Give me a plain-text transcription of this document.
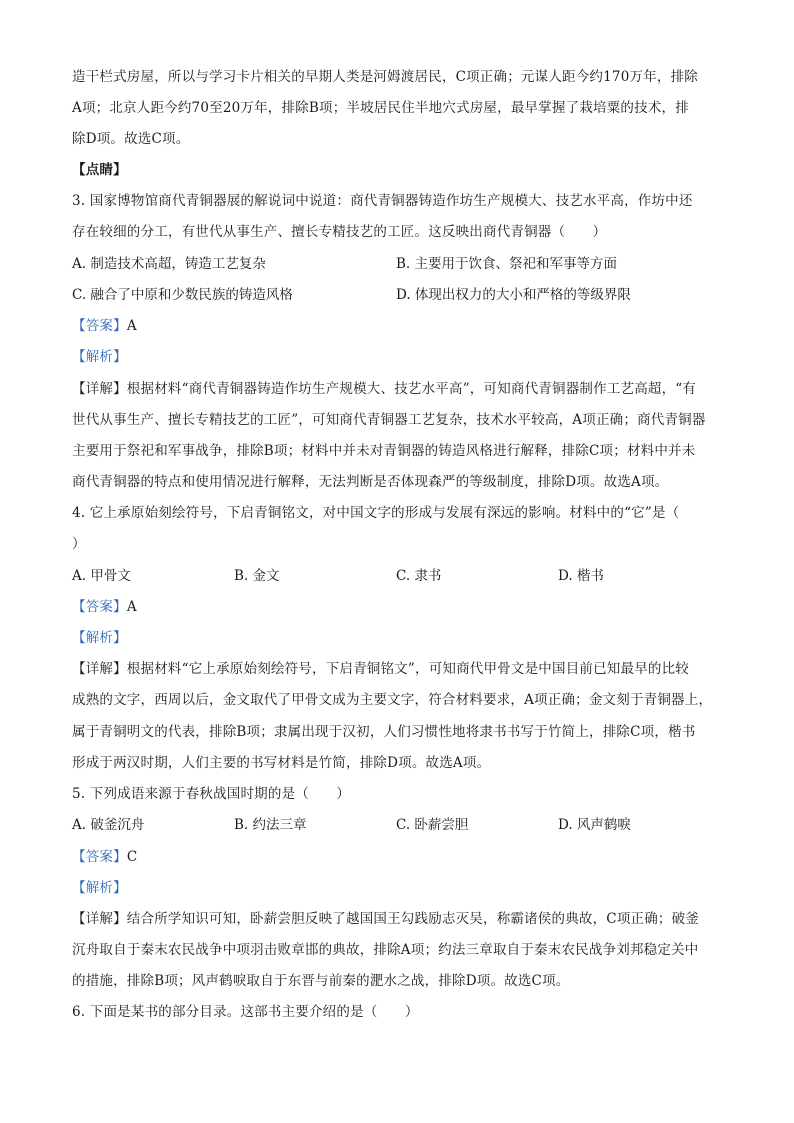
造干栏式房屋，所以与学习卡片相关的早期人类是河姆渡居民，C项正确；元谋人距今约170万年，排除
A项；北京人距今约70至20万年，排除B项；半坡居民住半地穴式房屋，最早掌握了栽培粟的技术，排
除D项。故选C项。
【点睛】
3. 国家博物馆商代青铜器展的解说词中说道：商代青铜器铸造作坊生产规模大、技艺水平高，作坊中还
存在较细的分工，有世代从事生产、擅长专精技艺的工匠。这反映出商代青铜器（　　）
A. 制造技术高超，铸造工艺复杂	B. 主要用于饮食、祭祀和军事等方面
C. 融合了中原和少数民族的铸造风格	D. 体现出权力的大小和严格的等级界限
【答案】A
【解析】
【详解】根据材料“商代青铜器铸造作坊生产规模大、技艺水平高”，可知商代青铜器制作工艺高超，“有
世代从事生产、擅长专精技艺的工匠”，可知商代青铜器工艺复杂，技术水平较高，A项正确；商代青铜器
主要用于祭祀和军事战争，排除B项；材料中并未对青铜器的铸造风格进行解释，排除C项；材料中并未
商代青铜器的特点和使用情况进行解释，无法判断是否体现森严的等级制度，排除D项。故选A项。
4. 它上承原始刻绘符号，下启青铜铭文，对中国文字的形成与发展有深远的影响。材料中的“它”是（
）
A. 甲骨文	B. 金文	C. 隶书	D. 楷书
【答案】A
【解析】
【详解】根据材料“它上承原始刻绘符号，下启青铜铭文”，可知商代甲骨文是中国目前已知最早的比较
成熟的文字，西周以后，金文取代了甲骨文成为主要文字，符合材料要求，A项正确；金文刻于青铜器上，
属于青铜明文的代表，排除B项；隶属出现于汉初，人们习惯性地将隶书书写于竹简上，排除C项，楷书
形成于两汉时期，人们主要的书写材料是竹简，排除D项。故选A项。
5. 下列成语来源于春秋战国时期的是（　　）
A. 破釜沉舟	B. 约法三章	C. 卧薪尝胆	D. 风声鹤唳
【答案】C
【解析】
【详解】结合所学知识可知，卧薪尝胆反映了越国国王勾践励志灭吴，称霸诸侯的典故，C项正确；破釜
沉舟取自于秦末农民战争中项羽击败章邯的典故，排除A项；约法三章取自于秦末农民战争刘邦稳定关中
的措施，排除B项；风声鹤唳取自于东晋与前秦的淝水之战，排除D项。故选C项。
6. 下面是某书的部分目录。这部书主要介绍的是（　　）
